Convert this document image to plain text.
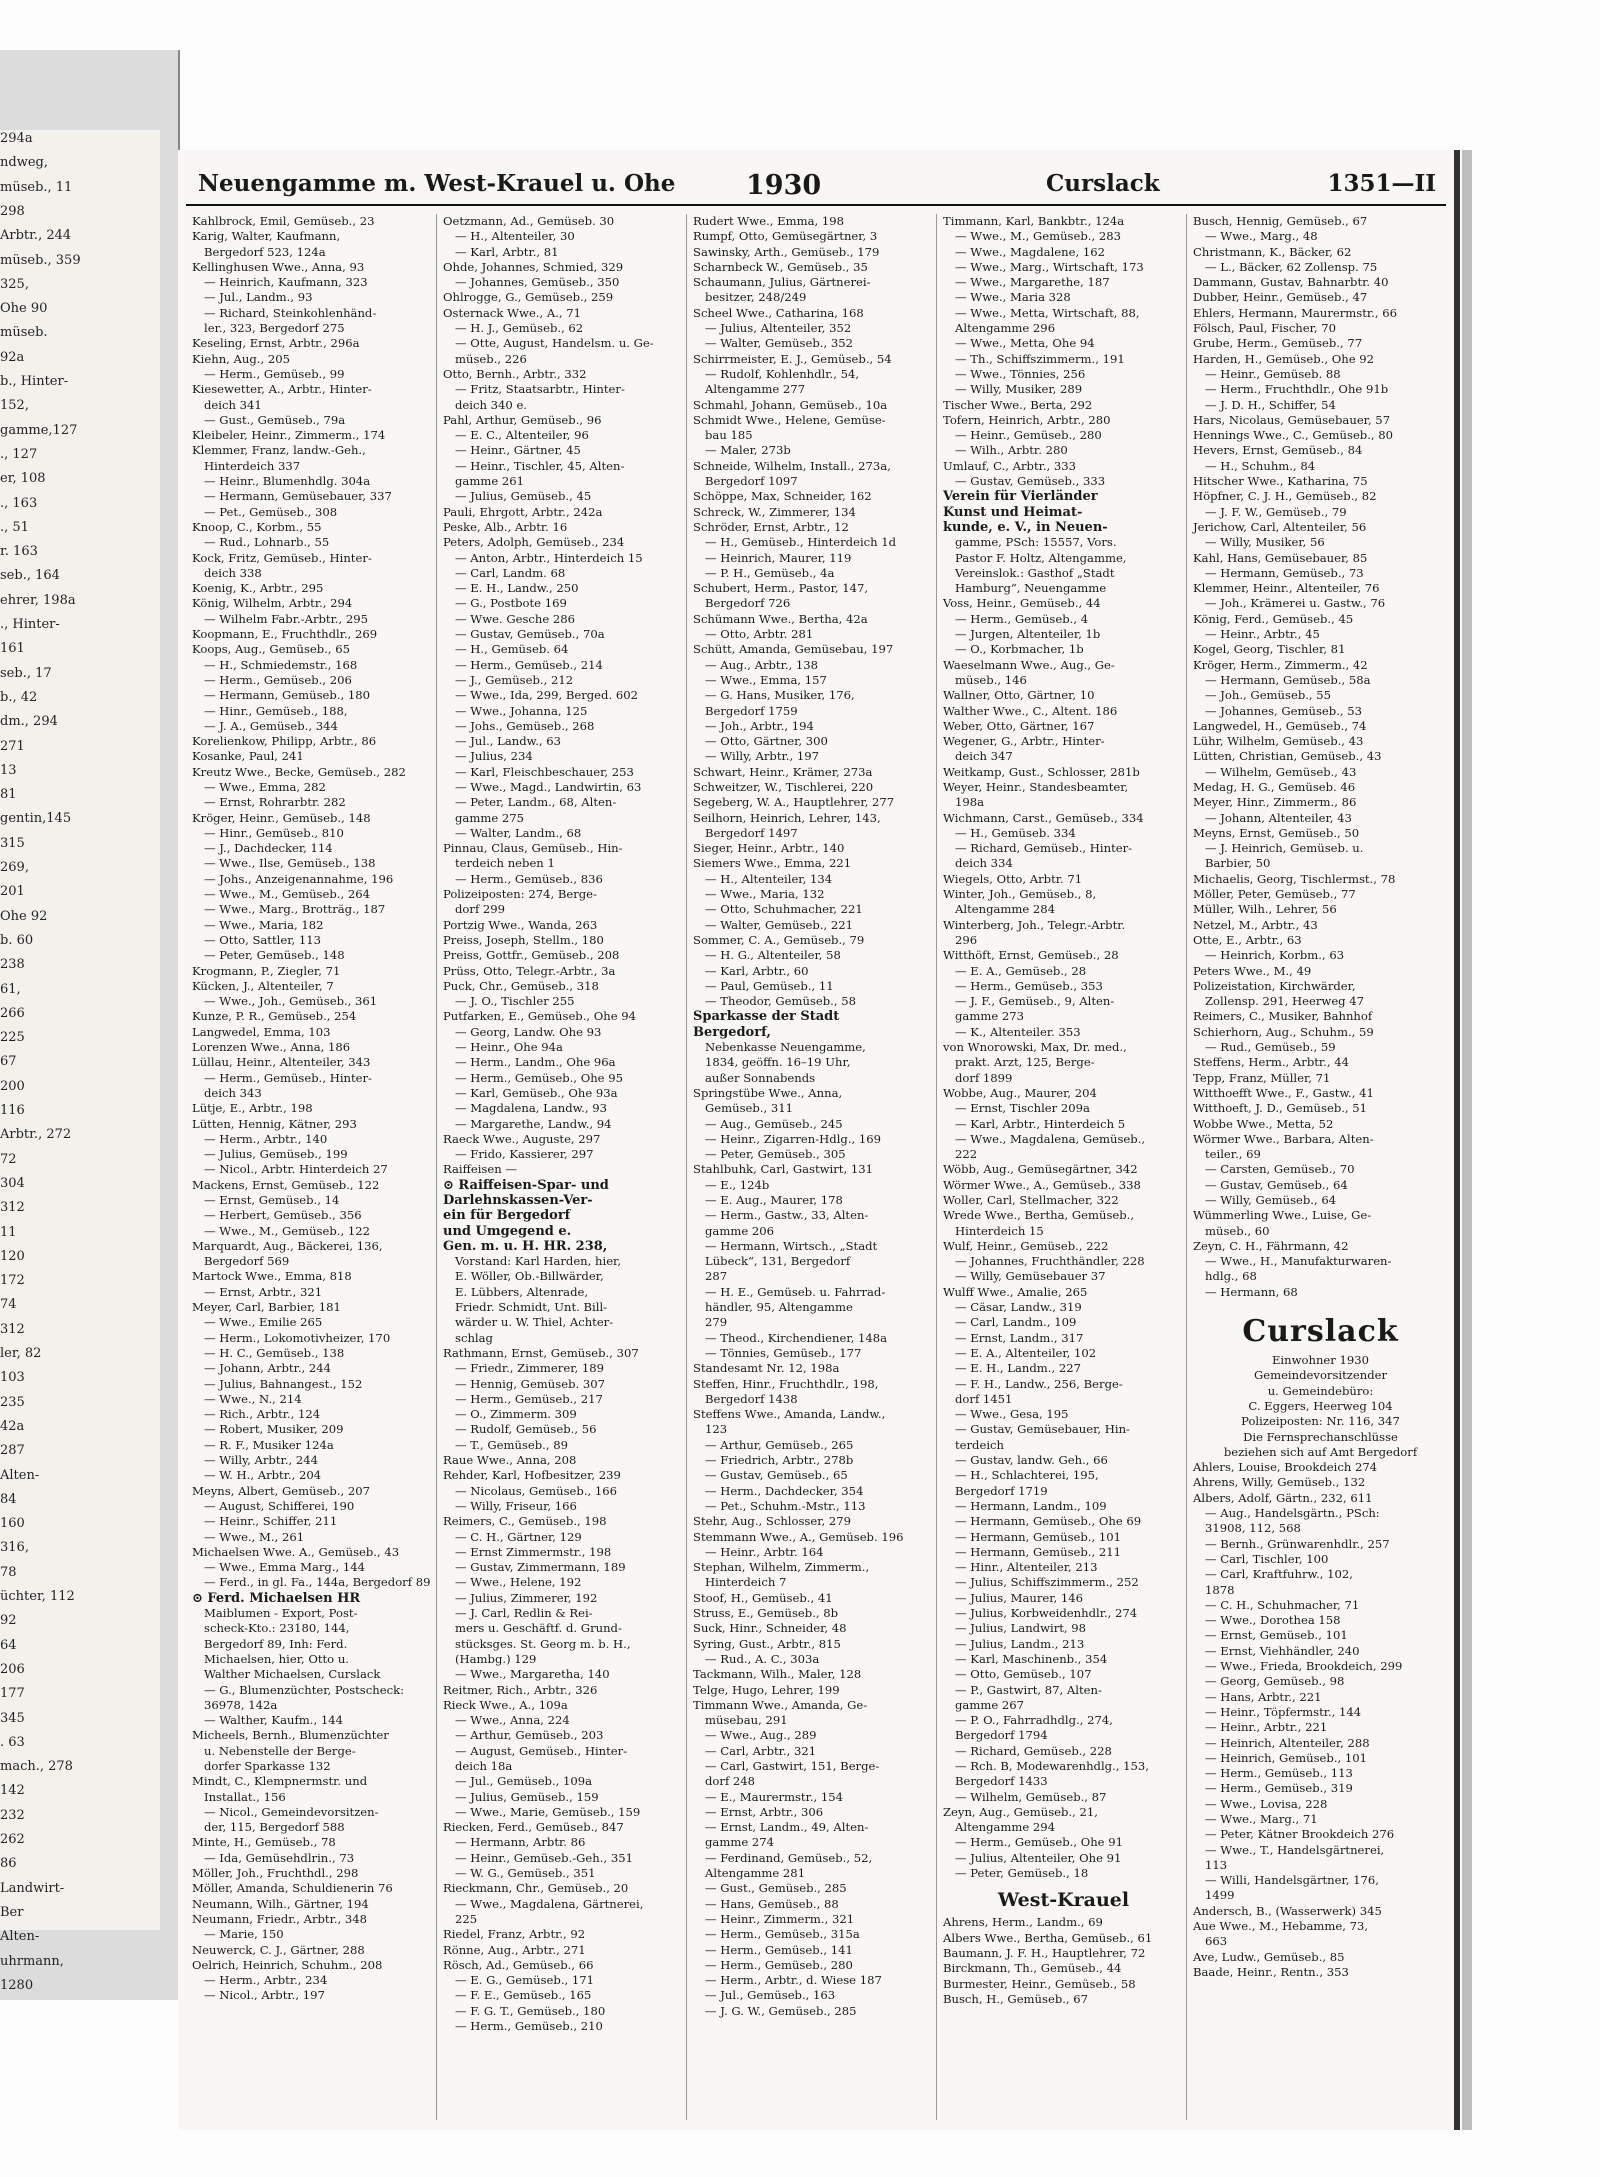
294a
ndweg,
müseb., 11
298
Arbtr., 244
müseb., 359
325,
Ohe 90
müseb.
92a
b., Hinter-
152,
gamme,127
., 127
er, 108
., 163
., 51
r. 163
seb., 164
ehrer, 198a
., Hinter-
161
seb., 17
b., 42
dm., 294
271
13
81
gentin,145
315
269,
201
Ohe 92
b. 60
238
61,
266
225
67
200
116
Arbtr., 272
72
304
312
11
120
172
74
312
ler, 82
103
235
42a
287
Alten-
84
160
316,
78
üchter, 112
92
64
206
177
345
. 63
mach., 278
142
232
262
86
Landwirt-
Ber
Alten-
uhrmann,
1280
Neuengamme m. West-Krauel u. Ohe	1930	Curslack	1351—II
Kahlbrock, Emil, Gemüseb., 23
Karig, Walter, Kaufmann,
Bergedorf 523, 124a
Kellinghusen Wwe., Anna, 93
— Heinrich, Kaufmann, 323
— Jul., Landm., 93
— Richard, Steinkohlenhänd-
ler., 323, Bergedorf 275
Keseling, Ernst, Arbtr., 296a
Kiehn, Aug., 205
— Herm., Gemüseb., 99
Kiesewetter, A., Arbtr., Hinter-
deich 341
— Gust., Gemüseb., 79a
Kleibeler, Heinr., Zimmerm., 174
Klemmer, Franz, landw.-Geh.,
Hinterdeich 337
— Heinr., Blumenhdlg. 304a
— Hermann, Gemüsebauer, 337
— Pet., Gemüseb., 308
Knoop, C., Korbm., 55
— Rud., Lohnarb., 55
Kock, Fritz, Gemüseb., Hinter-
deich 338
Koenig, K., Arbtr., 295
König, Wilhelm, Arbtr., 294
— Wilhelm Fabr.-Arbtr., 295
Koopmann, E., Fruchthdlr., 269
Koops, Aug., Gemüseb., 65
— H., Schmiedemstr., 168
— Herm., Gemüseb., 206
— Hermann, Gemüseb., 180
— Hinr., Gemüseb., 188,
— J. A., Gemüseb., 344
Korelienkow, Philipp, Arbtr., 86
Kosanke, Paul, 241
Kreutz Wwe., Becke, Gemüseb., 282
— Wwe., Emma, 282
— Ernst, Rohrarbtr. 282
Kröger, Heinr., Gemüseb., 148
— Hinr., Gemüseb., 810
— J., Dachdecker, 114
— Wwe., Ilse, Gemüseb., 138
— Johs., Anzeigenannahme, 196
— Wwe., M., Gemüseb., 264
— Wwe., Marg., Brotträg., 187
— Wwe., Maria, 182
— Otto, Sattler, 113
— Peter, Gemüseb., 148
Krogmann, P., Ziegler, 71
Kücken, J., Altenteiler, 7
— Wwe., Joh., Gemüseb., 361
Kunze, P. R., Gemüseb., 254
Langwedel, Emma, 103
Lorenzen Wwe., Anna, 186
Lüllau, Heinr., Altenteiler, 343
— Herm., Gemüseb., Hinter-
deich 343
Lütje, E., Arbtr., 198
Lütten, Hennig, Kätner, 293
— Herm., Arbtr., 140
— Julius, Gemüseb., 199
— Nicol., Arbtr. Hinterdeich 27
Mackens, Ernst, Gemüseb., 122
— Ernst, Gemüseb., 14
— Herbert, Gemüseb., 356
— Wwe., M., Gemüseb., 122
Marquardt, Aug., Bäckerei, 136,
Bergedorf 569
Martock Wwe., Emma, 818
— Ernst, Arbtr., 321
Meyer, Carl, Barbier, 181
— Wwe., Emilie 265
— Herm., Lokomotivheizer, 170
— H. C., Gemüseb., 138
— Johann, Arbtr., 244
— Julius, Bahnangest., 152
— Wwe., N., 214
— Rich., Arbtr., 124
— Robert, Musiker, 209
— R. F., Musiker 124a
— Willy, Arbtr., 244
— W. H., Arbtr., 204
Meyns, Albert, Gemüseb., 207
— August, Schifferei, 190
— Heinr., Schiffer, 211
— Wwe., M., 261
Michaelsen Wwe. A., Gemüseb., 43
— Wwe., Emma Marg., 144
— Ferd., in gl. Fa., 144a, Bergedorf 89
⊙ Ferd. Michaelsen HR
Maiblumen - Export, Post-
scheck-Kto.: 23180, 144,
Bergedorf 89, Inh: Ferd.
Michaelsen, hier, Otto u.
Walther Michaelsen, Curslack
— G., Blumenzüchter, Postscheck:
36978, 142a
— Walther, Kaufm., 144
Micheels, Bernh., Blumenzüchter
u. Nebenstelle der Berge-
dorfer Sparkasse 132
Mindt, C., Klempnermstr. und
Installat., 156
— Nicol., Gemeindevorsitzen-
der, 115, Bergedorf 588
Minte, H., Gemüseb., 78
— Ida, Gemüsehdlrin., 73
Möller, Joh., Fruchthdl., 298
Möller, Amanda, Schuldienerin 76
Neumann, Wilh., Gärtner, 194
Neumann, Friedr., Arbtr., 348
— Marie, 150
Neuwerck, C. J., Gärtner, 288
Oelrich, Heinrich, Schuhm., 208
— Herm., Arbtr., 234
— Nicol., Arbtr., 197
Oetzmann, Ad., Gemüseb. 30
— H., Altenteiler, 30
— Karl, Arbtr., 81
Ohde, Johannes, Schmied, 329
— Johannes, Gemüseb., 350
Ohlrogge, G., Gemüseb., 259
Osternack Wwe., A., 71
— H. J., Gemüseb., 62
— Otte, August, Handelsm. u. Ge-
müseb., 226
Otto, Bernh., Arbtr., 332
— Fritz, Staatsarbtr., Hinter-
deich 340 e.
Pahl, Arthur, Gemüseb., 96
— E. C., Altenteiler, 96
— Heinr., Gärtner, 45
— Heinr., Tischler, 45, Alten-
gamme 261
— Julius, Gemüseb., 45
Pauli, Ehrgott, Arbtr., 242a
Peske, Alb., Arbtr. 16
Peters, Adolph, Gemüseb., 234
— Anton, Arbtr., Hinterdeich 15
— Carl, Landm. 68
— E. H., Landw., 250
— G., Postbote 169
— Wwe. Gesche 286
— Gustav, Gemüseb., 70a
— H., Gemüseb. 64
— Herm., Gemüseb., 214
— J., Gemüseb., 212
— Wwe., Ida, 299, Berged. 602
— Wwe., Johanna, 125
— Johs., Gemüseb., 268
— Jul., Landw., 63
— Julius, 234
— Karl, Fleischbeschauer, 253
— Wwe., Magd., Landwirtin, 63
— Peter, Landm., 68, Alten-
gamme 275
— Walter, Landm., 68
Pinnau, Claus, Gemüseb., Hin-
terdeich neben 1
— Herm., Gemüseb., 836
Polizeiposten: 274, Berge-
dorf 299
Portzig Wwe., Wanda, 263
Preiss, Joseph, Stellm., 180
Preiss, Gottfr., Gemüseb., 208
Prüss, Otto, Telegr.-Arbtr., 3a
Puck, Chr., Gemüseb., 318
— J. O., Tischler 255
Putfarken, E., Gemüseb., Ohe 94
— Georg, Landw. Ohe 93
— Heinr., Ohe 94a
— Herm., Landm., Ohe 96a
— Herm., Gemüseb., Ohe 95
— Karl, Gemüseb., Ohe 93a
— Magdalena, Landw., 93
— Margarethe, Landw., 94
Raeck Wwe., Auguste, 297
— Frido, Kassierer, 297
Raiffeisen —
⊙ Raiffeisen-Spar- und
Darlehnskassen-Ver-
ein für Bergedorf
und Umgegend e.
Gen. m. u. H. HR. 238,
Vorstand: Karl Harden, hier,
E. Wöller, Ob.-Billwärder,
E. Lübbers, Altenrade,
Friedr. Schmidt, Unt. Bill-
wärder u. W. Thiel, Achter-
schlag
Rathmann, Ernst, Gemüseb., 307
— Friedr., Zimmerer, 189
— Hennig, Gemüseb. 307
— Herm., Gemüseb., 217
— O., Zimmerm. 309
— Rudolf, Gemüseb., 56
— T., Gemüseb., 89
Raue Wwe., Anna, 208
Rehder, Karl, Hofbesitzer, 239
— Nicolaus, Gemüseb., 166
— Willy, Friseur, 166
Reimers, C., Gemüseb., 198
— C. H., Gärtner, 129
— Ernst Zimmermstr., 198
— Gustav, Zimmermann, 189
— Wwe., Helene, 192
— Julius, Zimmerer, 192
— J. Carl, Redlin & Rei-
mers u. Geschäftf. d. Grund-
stücksges. St. Georg m. b. H.,
(Hambg.) 129
— Wwe., Margaretha, 140
Reitmer, Rich., Arbtr., 326
Rieck Wwe., A., 109a
— Wwe., Anna, 224
— Arthur, Gemüseb., 203
— August, Gemüseb., Hinter-
deich 18a
— Jul., Gemüseb., 109a
— Julius, Gemüseb., 159
— Wwe., Marie, Gemüseb., 159
Riecken, Ferd., Gemüseb., 847
— Hermann, Arbtr. 86
— Heinr., Gemüseb.-Geh., 351
— W. G., Gemüseb., 351
Rieckmann, Chr., Gemüseb., 20
— Wwe., Magdalena, Gärtnerei,
225
Riedel, Franz, Arbtr., 92
Rönne, Aug., Arbtr., 271
Rösch, Ad., Gemüseb., 66
— E. G., Gemüseb., 171
— F. E., Gemüseb., 165
— F. G. T., Gemüseb., 180
— Herm., Gemüseb., 210
Rudert Wwe., Emma, 198
Rumpf, Otto, Gemüsegärtner, 3
Sawinsky, Arth., Gemüseb., 179
Scharnbeck W., Gemüseb., 35
Schaumann, Julius, Gärtnerei-
besitzer, 248/249
Scheel Wwe., Catharina, 168
— Julius, Altenteiler, 352
— Walter, Gemüseb., 352
Schirrmeister, E. J., Gemüseb., 54
— Rudolf, Kohlenhdlr., 54,
Altengamme 277
Schmahl, Johann, Gemüseb., 10a
Schmidt Wwe., Helene, Gemüse-
bau 185
— Maler, 273b
Schneide, Wilhelm, Install., 273a,
Bergedorf 1097
Schöppe, Max, Schneider, 162
Schreck, W., Zimmerer, 134
Schröder, Ernst, Arbtr., 12
— H., Gemüseb., Hinterdeich 1d
— Heinrich, Maurer, 119
— P. H., Gemüseb., 4a
Schubert, Herm., Pastor, 147,
Bergedorf 726
Schümann Wwe., Bertha, 42a
— Otto, Arbtr. 281
Schütt, Amanda, Gemüsebau, 197
— Aug., Arbtr., 138
— Wwe., Emma, 157
— G. Hans, Musiker, 176,
Bergedorf 1759
— Joh., Arbtr., 194
— Otto, Gärtner, 300
— Willy, Arbtr., 197
Schwart, Heinr., Krämer, 273a
Schweitzer, W., Tischlerei, 220
Segeberg, W. A., Hauptlehrer, 277
Seilhorn, Heinrich, Lehrer, 143,
Bergedorf 1497
Sieger, Heinr., Arbtr., 140
Siemers Wwe., Emma, 221
— H., Altenteiler, 134
— Wwe., Maria, 132
— Otto, Schuhmacher, 221
— Walter, Gemüseb., 221
Sommer, C. A., Gemüseb., 79
— H. G., Altenteiler, 58
— Karl, Arbtr., 60
— Paul, Gemüseb., 11
— Theodor, Gemüseb., 58
Sparkasse der Stadt
Bergedorf,
Nebenkasse Neuengamme,
1834, geöffn. 16–19 Uhr,
außer Sonnabends
Springstübe Wwe., Anna,
Gemüseb., 311
— Aug., Gemüseb., 245
— Heinr., Zigarren-Hdlg., 169
— Peter, Gemüseb., 305
Stahlbuhk, Carl, Gastwirt, 131
— E., 124b
— E. Aug., Maurer, 178
— Herm., Gastw., 33, Alten-
gamme 206
— Hermann, Wirtsch., „Stadt
Lübeck“, 131, Bergedorf
287
— H. E., Gemüseb. u. Fahrrad-
händler, 95, Altengamme
279
— Theod., Kirchendiener, 148a
— Tönnies, Gemüseb., 177
Standesamt Nr. 12, 198a
Steffen, Hinr., Fruchthdlr., 198,
Bergedorf 1438
Steffens Wwe., Amanda, Landw.,
123
— Arthur, Gemüseb., 265
— Friedrich, Arbtr., 278b
— Gustav, Gemüseb., 65
— Herm., Dachdecker, 354
— Pet., Schuhm.-Mstr., 113
Stehr, Aug., Schlosser, 279
Stemmann Wwe., A., Gemüseb. 196
— Heinr., Arbtr. 164
Stephan, Wilhelm, Zimmerm.,
Hinterdeich 7
Stoof, H., Gemüseb., 41
Struss, E., Gemüseb., 8b
Suck, Hinr., Schneider, 48
Syring, Gust., Arbtr., 815
— Rud., A. C., 303a
Tackmann, Wilh., Maler, 128
Telge, Hugo, Lehrer, 199
Timmann Wwe., Amanda, Ge-
müsebau, 291
— Wwe., Aug., 289
— Carl, Arbtr., 321
— Carl, Gastwirt, 151, Berge-
dorf 248
— E., Maurermstr., 154
— Ernst, Arbtr., 306
— Ernst, Landm., 49, Alten-
gamme 274
— Ferdinand, Gemüseb., 52,
Altengamme 281
— Gust., Gemüseb., 285
— Hans, Gemüseb., 88
— Heinr., Zimmerm., 321
— Herm., Gemüseb., 315a
— Herm., Gemüseb., 141
— Herm., Gemüseb., 280
— Herm., Arbtr., d. Wiese 187
— Jul., Gemüseb., 163
— J. G. W., Gemüseb., 285
Timmann, Karl, Bankbtr., 124a
— Wwe., M., Gemüseb., 283
— Wwe., Magdalene, 162
— Wwe., Marg., Wirtschaft, 173
— Wwe., Margarethe, 187
— Wwe., Maria 328
— Wwe., Metta, Wirtschaft, 88,
Altengamme 296
— Wwe., Metta, Ohe 94
— Th., Schiffszimmerm., 191
— Wwe., Tönnies, 256
— Willy, Musiker, 289
Tischer Wwe., Berta, 292
Tofern, Heinrich, Arbtr., 280
— Heinr., Gemüseb., 280
— Wilh., Arbtr. 280
Umlauf, C., Arbtr., 333
— Gustav, Gemüseb., 333
Verein für Vierländer
Kunst und Heimat-
kunde, e. V., in Neuen-
gamme, PSch: 15557, Vors.
Pastor F. Holtz, Altengamme,
Vereinslok.: Gasthof „Stadt
Hamburg“, Neuengamme
Voss, Heinr., Gemüseb., 44
— Herm., Gemüseb., 4
— Jurgen, Altenteiler, 1b
— O., Korbmacher, 1b
Waeselmann Wwe., Aug., Ge-
müseb., 146
Wallner, Otto, Gärtner, 10
Walther Wwe., C., Altent. 186
Weber, Otto, Gärtner, 167
Wegener, G., Arbtr., Hinter-
deich 347
Weitkamp, Gust., Schlosser, 281b
Weyer, Heinr., Standesbeamter,
198a
Wichmann, Carst., Gemüseb., 334
— H., Gemüseb. 334
— Richard, Gemüseb., Hinter-
deich 334
Wiegels, Otto, Arbtr. 71
Winter, Joh., Gemüseb., 8,
Altengamme 284
Winterberg, Joh., Telegr.-Arbtr.
296
Witthöft, Ernst, Gemüseb., 28
— E. A., Gemüseb., 28
— Herm., Gemüseb., 353
— J. F., Gemüseb., 9, Alten-
gamme 273
— K., Altenteiler. 353
von Wnorowski, Max, Dr. med.,
prakt. Arzt, 125, Berge-
dorf 1899
Wobbe, Aug., Maurer, 204
— Ernst, Tischler 209a
— Karl, Arbtr., Hinterdeich 5
— Wwe., Magdalena, Gemüseb.,
222
Wöbb, Aug., Gemüsegärtner, 342
Wörmer Wwe., A., Gemüseb., 338
Woller, Carl, Stellmacher, 322
Wrede Wwe., Bertha, Gemüseb.,
Hinterdeich 15
Wulf, Heinr., Gemüseb., 222
— Johannes, Fruchthändler, 228
— Willy, Gemüsebauer 37
Wulff Wwe., Amalie, 265
— Cäsar, Landw., 319
— Carl, Landm., 109
— Ernst, Landm., 317
— E. A., Altenteiler, 102
— E. H., Landm., 227
— F. H., Landw., 256, Berge-
dorf 1451
— Wwe., Gesa, 195
— Gustav, Gemüsebauer, Hin-
terdeich
— Gustav, landw. Geh., 66
— H., Schlachterei, 195,
Bergedorf 1719
— Hermann, Landm., 109
— Hermann, Gemüseb., Ohe 69
— Hermann, Gemüseb., 101
— Hermann, Gemüseb., 211
— Hinr., Altenteiler, 213
— Julius, Schiffszimmerm., 252
— Julius, Maurer, 146
— Julius, Korbweidenhdlr., 274
— Julius, Landwirt, 98
— Julius, Landm., 213
— Karl, Maschinenb., 354
— Otto, Gemüseb., 107
— P., Gastwirt, 87, Alten-
gamme 267
— P. O., Fahrradhdlg., 274,
Bergedorf 1794
— Richard, Gemüseb., 228
— Rch. B, Modewarenhdlg., 153,
Bergedorf 1433
— Wilhelm, Gemüseb., 87
Zeyn, Aug., Gemüseb., 21,
Altengamme 294
— Herm., Gemüseb., Ohe 91
— Julius, Altenteiler, Ohe 91
— Peter, Gemüseb., 18
West-Krauel
Ahrens, Herm., Landm., 69
Albers Wwe., Bertha, Gemüseb., 61
Baumann, J. F. H., Hauptlehrer, 72
Birckmann, Th., Gemüseb., 44
Burmester, Heinr., Gemüseb., 58
Busch, H., Gemüseb., 67
Busch, Hennig, Gemüseb., 67
— Wwe., Marg., 48
Christmann, K., Bäcker, 62
— L., Bäcker, 62 Zollensp. 75
Dammann, Gustav, Bahnarbtr. 40
Dubber, Heinr., Gemüseb., 47
Ehlers, Hermann, Maurermstr., 66
Fölsch, Paul, Fischer, 70
Grube, Herm., Gemüseb., 77
Harden, H., Gemüseb., Ohe 92
— Heinr., Gemüseb. 88
— Herm., Fruchthdlr., Ohe 91b
— J. D. H., Schiffer, 54
Hars, Nicolaus, Gemüsebauer, 57
Hennings Wwe., C., Gemüseb., 80
Hevers, Ernst, Gemüseb., 84
— H., Schuhm., 84
Hitscher Wwe., Katharina, 75
Höpfner, C. J. H., Gemüseb., 82
— J. F. W., Gemüseb., 79
Jerichow, Carl, Altenteiler, 56
— Willy, Musiker, 56
Kahl, Hans, Gemüsebauer, 85
— Hermann, Gemüseb., 73
Klemmer, Heinr., Altenteiler, 76
— Joh., Krämerei u. Gastw., 76
König, Ferd., Gemüseb., 45
— Heinr., Arbtr., 45
Kogel, Georg, Tischler, 81
Kröger, Herm., Zimmerm., 42
— Hermann, Gemüseb., 58a
— Joh., Gemüseb., 55
— Johannes, Gemüseb., 53
Langwedel, H., Gemüseb., 74
Lühr, Wilhelm, Gemüseb., 43
Lütten, Christian, Gemüseb., 43
— Wilhelm, Gemüseb., 43
Medag, H. G., Gemüseb. 46
Meyer, Hinr., Zimmerm., 86
— Johann, Altenteiler, 43
Meyns, Ernst, Gemüseb., 50
— J. Heinrich, Gemüseb. u.
Barbier, 50
Michaelis, Georg, Tischlermst., 78
Möller, Peter, Gemüseb., 77
Müller, Wilh., Lehrer, 56
Netzel, M., Arbtr., 43
Otte, E., Arbtr., 63
— Heinrich, Korbm., 63
Peters Wwe., M., 49
Polizeistation, Kirchwärder,
Zollensp. 291, Heerweg 47
Reimers, C., Musiker, Bahnhof
Schierhorn, Aug., Schuhm., 59
— Rud., Gemüseb., 59
Steffens, Herm., Arbtr., 44
Tepp, Franz, Müller, 71
Witthoefft Wwe., F., Gastw., 41
Witthoeft, J. D., Gemüseb., 51
Wobbe Wwe., Metta, 52
Wörmer Wwe., Barbara, Alten-
teiler., 69
— Carsten, Gemüseb., 70
— Gustav, Gemüseb., 64
— Willy, Gemüseb., 64
Wümmerling Wwe., Luise, Ge-
müseb., 60
Zeyn, C. H., Fährmann, 42
— Wwe., H., Manufakturwaren-
hdlg., 68
— Hermann, 68
Curslack
Einwohner 1930
Gemeindevorsitzender
u. Gemeindebüro:
C. Eggers, Heerweg 104
Polizeiposten: Nr. 116, 347
Die Fernsprechanschlüsse
beziehen sich auf Amt Bergedorf
Ahlers, Louise, Brookdeich 274
Ahrens, Willy, Gemüseb., 132
Albers, Adolf, Gärtn., 232, 611
— Aug., Handelsgärtn., PSch:
31908, 112, 568
— Bernh., Grünwarenhdlr., 257
— Carl, Tischler, 100
— Carl, Kraftfuhrw., 102,
1878
— C. H., Schuhmacher, 71
— Wwe., Dorothea 158
— Ernst, Gemüseb., 101
— Ernst, Viehhändler, 240
— Wwe., Frieda, Brookdeich, 299
— Georg, Gemüseb., 98
— Hans, Arbtr., 221
— Heinr., Töpfermstr., 144
— Heinr., Arbtr., 221
— Heinrich, Altenteiler, 288
— Heinrich, Gemüseb., 101
— Herm., Gemüseb., 113
— Herm., Gemüseb., 319
— Wwe., Lovisa, 228
— Wwe., Marg., 71
— Peter, Kätner Brookdeich 276
— Wwe., T., Handelsgärtnerei,
113
— Willi, Handelsgärtner, 176,
1499
Andersch, B., (Wasserwerk) 345
Aue Wwe., M., Hebamme, 73,
663
Ave, Ludw., Gemüseb., 85
Baade, Heinr., Rentn., 353
